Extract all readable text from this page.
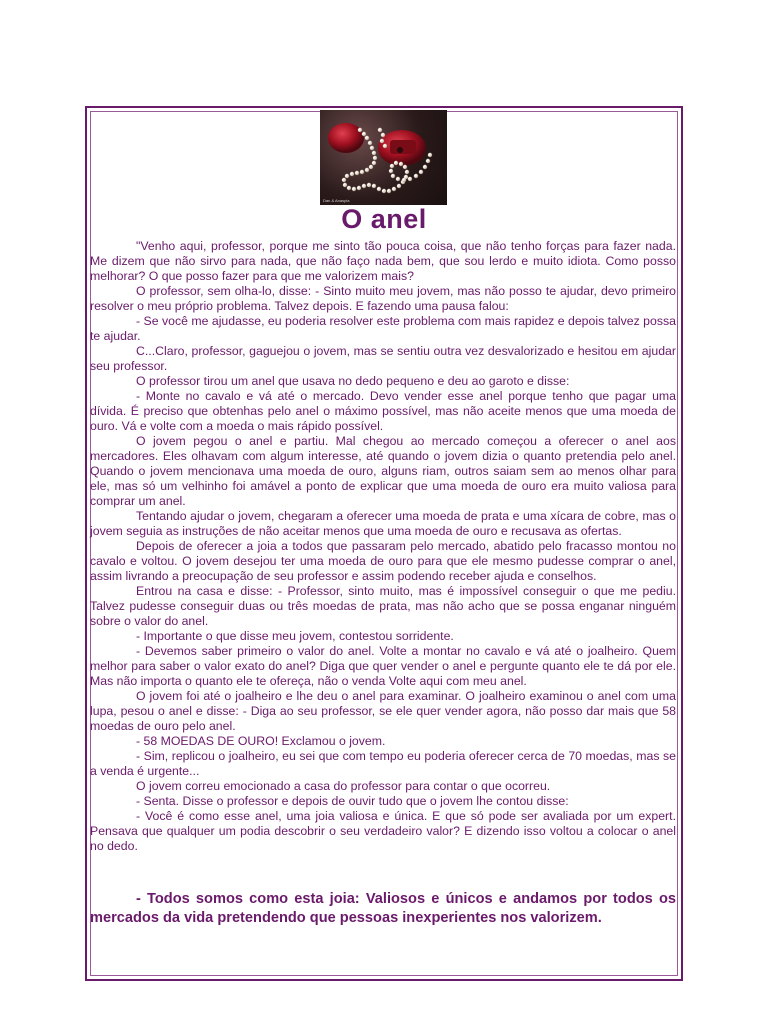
Dan & Anaspia
O anel

"Venho aqui, professor, porque me sinto tão pouca coisa, que não tenho forças para fazer nada. Me dizem que não sirvo para nada, que não faço nada bem, que sou lerdo e muito idiota. Como posso melhorar? O que posso fazer para que me valorizem mais?

O professor, sem olha-lo, disse: - Sinto muito meu jovem, mas não posso te ajudar, devo primeiro resolver o meu próprio problema. Talvez depois. E fazendo uma pausa falou:

- Se você me ajudasse, eu poderia resolver este problema com mais rapidez e depois talvez possa te ajudar.

C...Claro, professor, gaguejou o jovem, mas se sentiu outra vez desvalorizado e hesitou em ajudar seu professor.

O professor tirou um anel que usava no dedo pequeno e deu ao garoto e disse:

- Monte no cavalo e vá até o mercado. Devo vender esse anel porque tenho que pagar uma dívida. É preciso que obtenhas pelo anel o máximo possível, mas não aceite menos que uma moeda de ouro. Vá e volte com a moeda o mais rápido possível.

O jovem pegou o anel e partiu. Mal chegou ao mercado começou a oferecer o anel aos mercadores. Eles olhavam com algum interesse, até quando o jovem dizia o quanto pretendia pelo anel. Quando o jovem mencionava uma moeda de ouro, alguns riam, outros saiam sem ao menos olhar para ele, mas só um velhinho foi amável a ponto de explicar que uma moeda de ouro era muito valiosa para comprar um anel.

Tentando ajudar o jovem, chegaram a oferecer uma moeda de prata e uma xícara de cobre, mas o jovem seguia as instruções de não aceitar menos que uma moeda de ouro e recusava as ofertas.

Depois de oferecer a joia a todos que passaram pelo mercado, abatido pelo fracasso montou no cavalo e voltou. O jovem desejou ter uma moeda de ouro para que ele mesmo pudesse comprar o anel, assim livrando a preocupação de seu professor e assim podendo receber ajuda e conselhos.

Entrou na casa e disse: - Professor, sinto muito, mas é impossível conseguir o que me pediu. Talvez pudesse conseguir duas ou três moedas de prata, mas não acho que se possa enganar ninguém sobre o valor do anel.

- Importante o que disse meu jovem, contestou sorridente.

- Devemos saber primeiro o valor do anel. Volte a montar no cavalo e vá até o joalheiro. Quem melhor para saber o valor exato do anel? Diga que quer vender o anel e pergunte quanto ele te dá por ele. Mas não importa o quanto ele te ofereça, não o venda Volte aqui com meu anel.

O jovem foi até o joalheiro e lhe deu o anel para examinar. O joalheiro examinou o anel com uma lupa, pesou o anel e disse: - Diga ao seu professor, se ele quer vender agora, não posso dar mais que 58 moedas de ouro pelo anel.

- 58 MOEDAS DE OURO! Exclamou o jovem.

- Sim, replicou o joalheiro, eu sei que com tempo eu poderia oferecer cerca de 70 moedas, mas se a venda é urgente...

O jovem correu emocionado a casa do professor para contar o que ocorreu.

- Senta. Disse o professor e depois de ouvir tudo que o jovem lhe contou disse:

- Você é como esse anel, uma joia valiosa e única. E que só pode ser avaliada por um expert. Pensava que qualquer um podia descobrir o seu verdadeiro valor? E dizendo isso voltou a colocar o anel no dedo.

- Todos somos como esta joia: Valiosos e únicos e andamos por todos os mercados da vida pretendendo que pessoas inexperientes nos valorizem.
